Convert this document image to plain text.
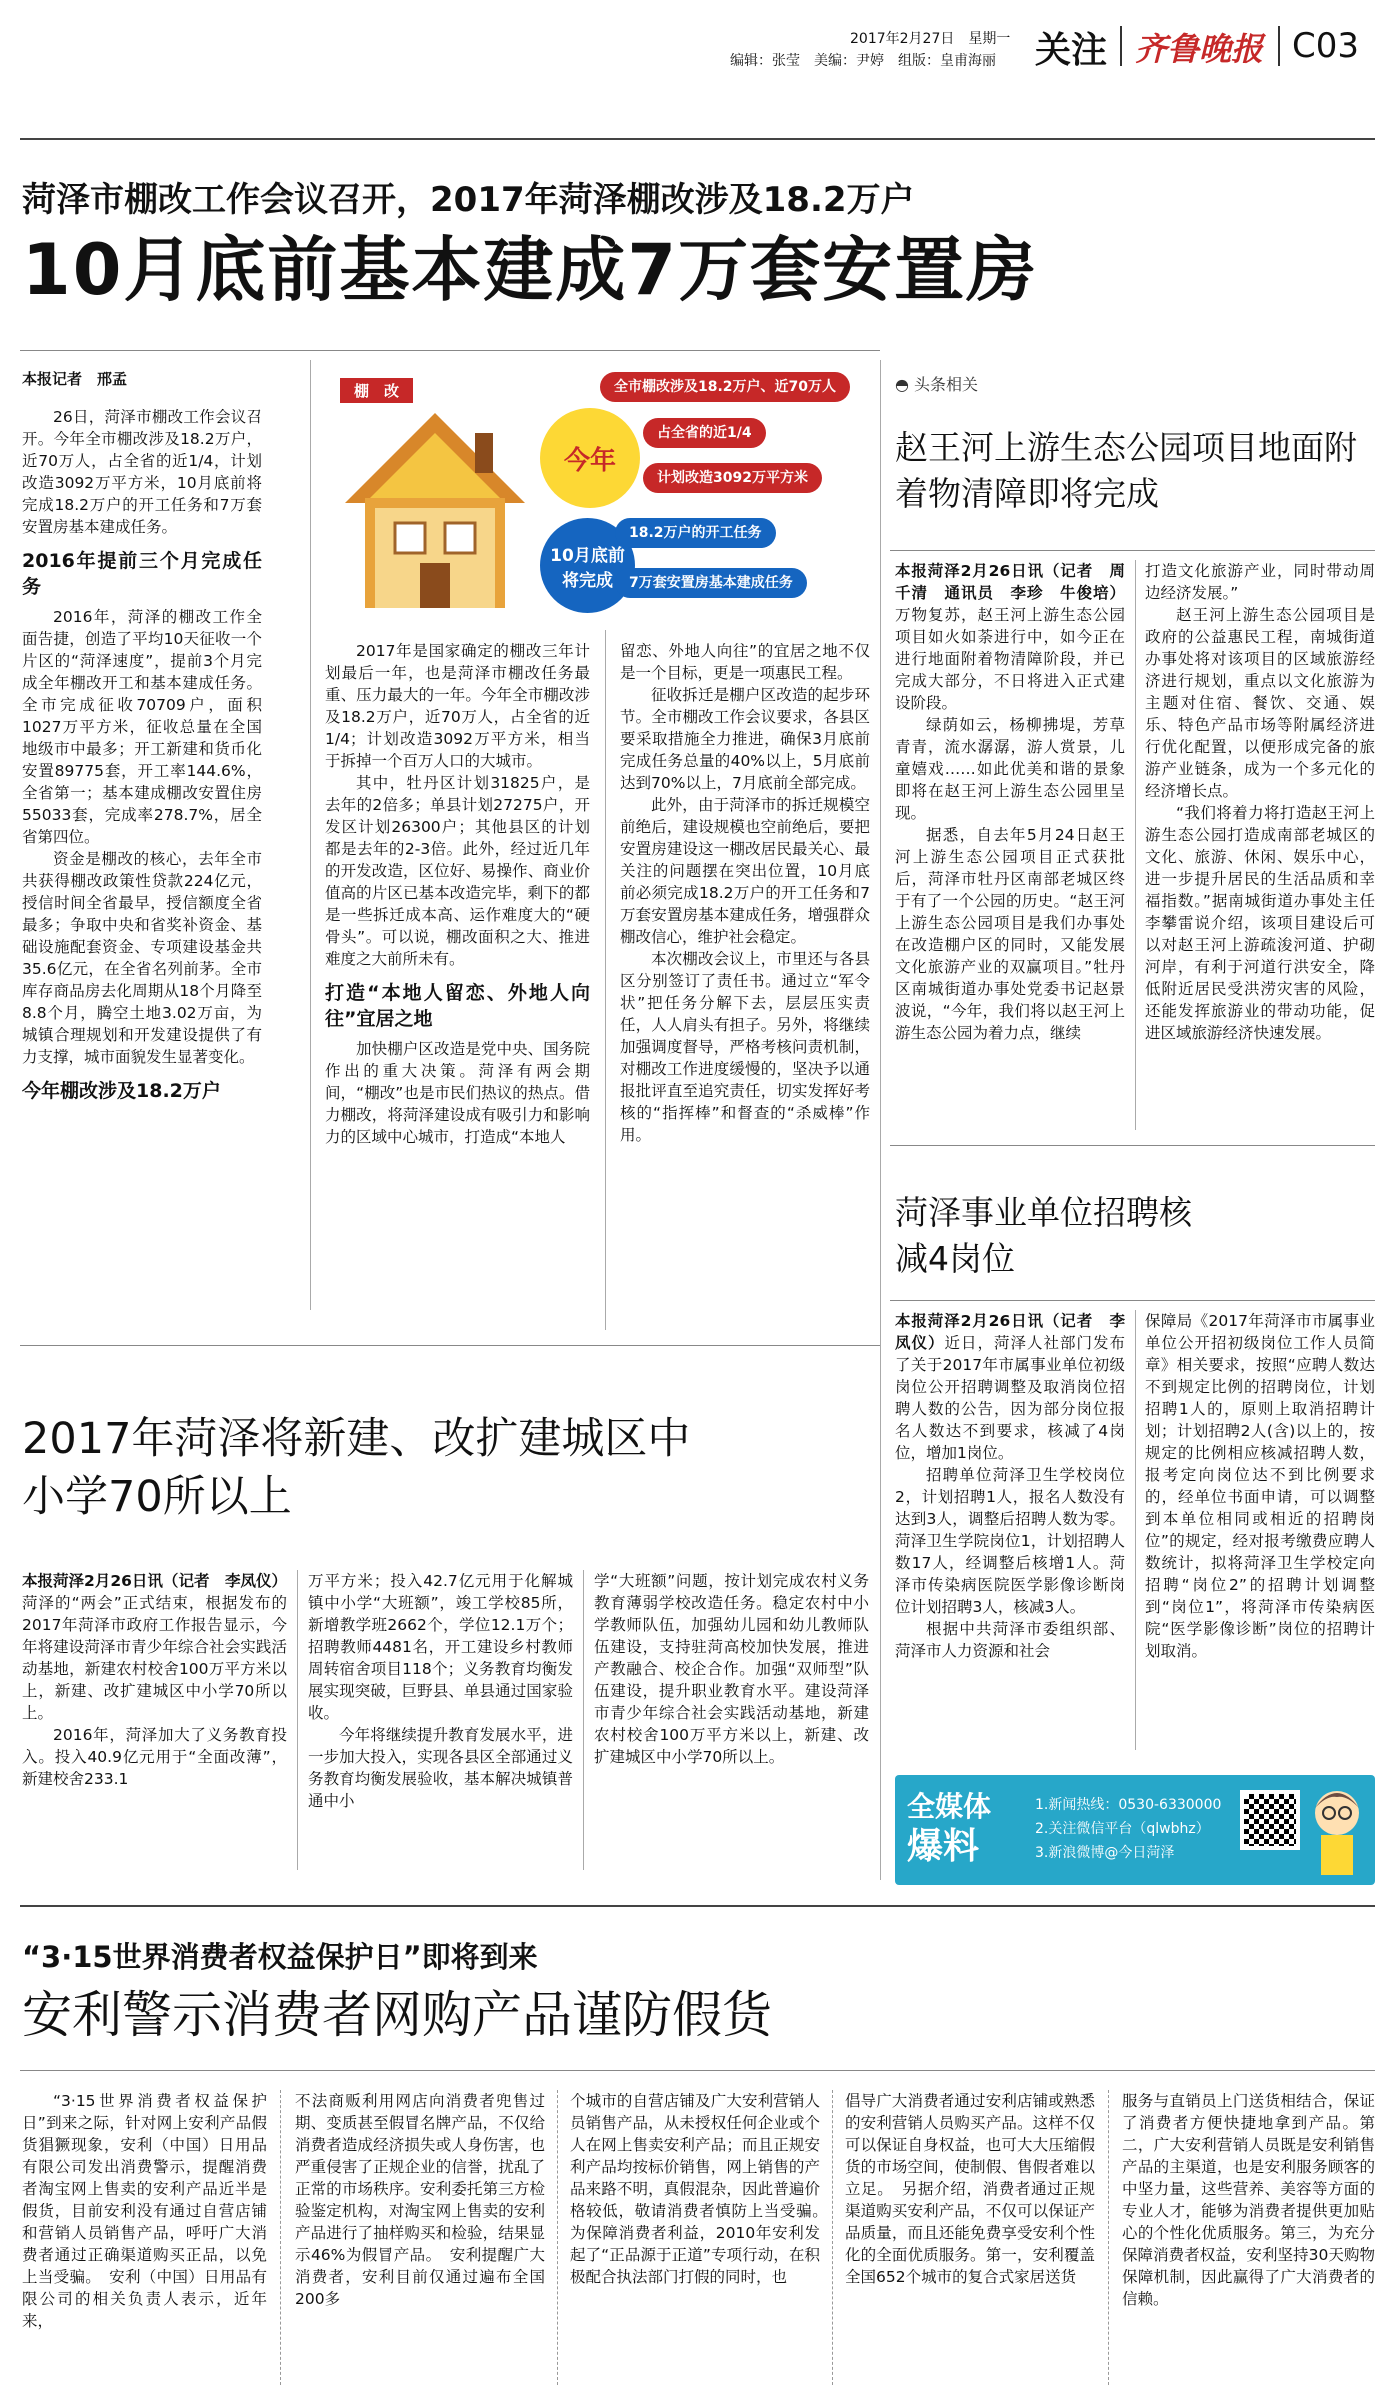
2017年2月27日　 星期一
编辑：张莹　美编：尹婷　组版：皇甫海丽 关注 齐鲁晚报 C03
菏泽市棚改工作会议召开，2017年菏泽棚改涉及18.2万户
10月底前基本建成7万套安置房
本报记者　邢孟

26日，菏泽市棚改工作会议召开。今年全市棚改涉及18.2万户，近70万人，占全省的近1/4，计划改造3092万平方米，10月底前将完成18.2万户的开工任务和7万套安置房基本建成任务。

2016年提前三个月完成任务

2016年，菏泽的棚改工作全面告捷，创造了平均10天征收一个片区的“菏泽速度”，提前3个月完成全年棚改开工和基本建成任务。全市完成征收70709户，面积1027万平方米，征收总量在全国地级市中最多；开工新建和货币化安置89775套，开工率144.6%，全省第一；基本建成棚改安置住房55033套，完成率278.7%，居全省第四位。

资金是棚改的核心，去年全市共获得棚改政策性贷款224亿元，授信时间全省最早，授信额度全省最多；争取中央和省奖补资金、基础设施配套资金、专项建设基金共35.6亿元，在全省名列前茅。全市库存商品房去化周期从18个月降至8.8个月，腾空土地3.02万亩，为城镇合理规划和开发建设提供了有力支撑，城市面貌发生显著变化。

今年棚改涉及18.2万户
棚　改
今年
全市棚改涉及18.2万户、近70万人
占全省的近1/4
计划改造3092万平方米
10月底前将完成
18.2万户的开工任务
7万套安置房基本建成任务

2017年是国家确定的棚改三年计划最后一年，也是菏泽市棚改任务最重、压力最大的一年。今年全市棚改涉及18.2万户，近70万人，占全省的近1/4；计划改造3092万平方米，相当于拆掉一个百万人口的大城市。

其中，牡丹区计划31825户，是去年的2倍多；单县计划27275户，开发区计划26300户；其他县区的计划都是去年的2-3倍。此外，经过近几年的开发改造，区位好、易操作、商业价值高的片区已基本改造完毕，剩下的都是一些拆迁成本高、运作难度大的“硬骨头”。可以说，棚改面积之大、推进难度之大前所未有。

打造“本地人留恋、外地人向往”宜居之地

加快棚户区改造是党中央、国务院作出的重大决策。菏泽有两会期间，“棚改”也是市民们热议的热点。借力棚改，将菏泽建设成有吸引力和影响力的区域中心城市，打造成“本地人

留恋、外地人向往”的宜居之地不仅是一个目标，更是一项惠民工程。

征收拆迁是棚户区改造的起步环节。全市棚改工作会议要求，各县区要采取措施全力推进，确保3月底前完成任务总量的40%以上，5月底前达到70%以上，7月底前全部完成。

此外，由于菏泽市的拆迁规模空前绝后，建设规模也空前绝后，要把安置房建设这一棚改居民最关心、最关注的问题摆在突出位置，10月底前必须完成18.2万户的开工任务和7万套安置房基本建成任务，增强群众棚改信心，维护社会稳定。

本次棚改会议上，市里还与各县区分别签订了责任书。通过立“军令状”把任务分解下去，层层压实责任，人人肩头有担子。另外，将继续加强调度督导，严格考核问责机制，对棚改工作进度缓慢的，坚决予以通报批评直至追究责任，切实发挥好考核的“指挥棒”和督查的“杀威棒”作用。

◓ 头条相关
赵王河上游生态公园项目地面附着物清障即将完成

本报菏泽2月26日讯（记者　周千清　通讯员　李珍　牛俊培）万物复苏，赵王河上游生态公园项目如火如荼进行中，如今正在进行地面附着物清障阶段，并已完成大部分，不日将进入正式建设阶段。

绿荫如云，杨柳拂堤，芳草青青，流水潺潺，游人赏景，儿童嬉戏……如此优美和谐的景象即将在赵王河上游生态公园里呈现。

据悉，自去年5月24日赵王河上游生态公园项目正式获批后，菏泽市牡丹区南部老城区终于有了一个公园的历史。“赵王河上游生态公园项目是我们办事处在改造棚户区的同时，又能发展文化旅游产业的双赢项目。”牡丹区南城街道办事处党委书记赵景波说，“今年，我们将以赵王河上游生态公园为着力点，继续

打造文化旅游产业，同时带动周边经济发展。”

赵王河上游生态公园项目是政府的公益惠民工程，南城街道办事处将对该项目的区域旅游经济进行规划，重点以文化旅游为主题对住宿、餐饮、交通、娱乐、特色产品市场等附属经济进行优化配置，以便形成完备的旅游产业链条，成为一个多元化的经济增长点。

“我们将着力将打造赵王河上游生态公园打造成南部老城区的文化、旅游、休闲、娱乐中心，进一步提升居民的生活品质和幸福指数。”据南城街道办事处主任李攀雷说介绍，该项目建设后可以对赵王河上游疏浚河道、护砌河岸，有利于河道行洪安全，降低附近居民受洪涝灾害的风险，还能发挥旅游业的带动功能，促进区域旅游经济快速发展。

菏泽事业单位招聘核减4岗位

本报菏泽2月26日讯（记者　李凤仪）近日，菏泽人社部门发布了关于2017年市属事业单位初级岗位公开招聘调整及取消岗位招聘人数的公告，因为部分岗位报名人数达不到要求，核减了4岗位，增加1岗位。

招聘单位菏泽卫生学校岗位2，计划招聘1人，报名人数没有达到3人，调整后招聘人数为零。菏泽卫生学院岗位1，计划招聘人数17人，经调整后核增1人。菏泽市传染病医院医学影像诊断岗位计划招聘3人，核减3人。

根据中共菏泽市委组织部、菏泽市人力资源和社会

保障局《2017年菏泽市市属事业单位公开招初级岗位工作人员简章》相关要求，按照“应聘人数达不到规定比例的招聘岗位，计划招聘1人的，原则上取消招聘计划；计划招聘2人(含)以上的，按规定的比例相应核减招聘人数，报考定向岗位达不到比例要求的，经单位书面申请，可以调整到本单位相同或相近的招聘岗位”的规定，经对报考缴费应聘人数统计，拟将菏泽卫生学校定向招聘“岗位2”的招聘计划调整到“岗位1”，将菏泽市传染病医院“医学影像诊断”岗位的招聘计划取消。

全媒体
爆料
1.新闻热线：0530-6330000
2.关注微信平台（qlwbhz）
3.新浪微博@今日菏泽
2017年菏泽将新建、改扩建城区中小学70所以上

本报菏泽2月26日讯（记者　李凤仪）菏泽的“两会”正式结束，根据发布的2017年菏泽市政府工作报告显示，今年将建设菏泽市青少年综合社会实践活动基地，新建农村校舍100万平方米以上，新建、改扩建城区中小学70所以上。

2016年，菏泽加大了义务教育投入。投入40.9亿元用于“全面改薄”，新建校舍233.1

万平方米；投入42.7亿元用于化解城镇中小学“大班额”，竣工学校85所，新增教学班2662个，学位12.1万个；招聘教师4481名，开工建设乡村教师周转宿舍项目118个；义务教育均衡发展实现突破，巨野县、单县通过国家验收。

今年将继续提升教育发展水平，进一步加大投入，实现各县区全部通过义务教育均衡发展验收，基本解决城镇普通中小

学“大班额”问题，按计划完成农村义务教育薄弱学校改造任务。稳定农村中小学教师队伍，加强幼儿园和幼儿教师队伍建设，支持驻菏高校加快发展，推进产教融合、校企合作。加强“双师型”队伍建设，提升职业教育水平。建设菏泽市青少年综合社会实践活动基地，新建农村校舍100万平方米以上，新建、改扩建城区中小学70所以上。

“3·15世界消费者权益保护日”即将到来
安利警示消费者网购产品谨防假货

“3·15世界消费者权益保护日”到来之际，针对网上安利产品假货猖獗现象，安利（中国）日用品有限公司发出消费警示，提醒消费者淘宝网上售卖的安利产品近半是假货，目前安利没有通过自营店铺和营销人员销售产品，呼吁广大消费者通过正确渠道购买正品，以免上当受骗。　安利（中国）日用品有限公司的相关负责人表示，近年来，

不法商贩利用网店向消费者兜售过期、变质甚至假冒名牌产品，不仅给消费者造成经济损失或人身伤害，也严重侵害了正规企业的信誉，扰乱了正常的市场秩序。安利委托第三方检验鉴定机构，对淘宝网上售卖的安利产品进行了抽样购买和检验，结果显示46%为假冒产品。　安利提醒广大消费者，安利目前仅通过遍布全国200多

个城市的自营店铺及广大安利营销人员销售产品，从未授权任何企业或个人在网上售卖安利产品；而且正规安利产品均按标价销售，网上销售的产品来路不明，真假混杂，因此普遍价格较低，敬请消费者慎防上当受骗。　为保障消费者利益，2010年安利发起了“正品源于正道”专项行动，在积极配合执法部门打假的同时，也

倡导广大消费者通过安利店铺或熟悉的安利营销人员购买产品。这样不仅可以保证自身权益，也可大大压缩假货的市场空间，使制假、售假者难以立足。　另据介绍，消费者通过正规渠道购买安利产品，不仅可以保证产品质量，而且还能免费享受安利个性化的全面优质服务。第一，安利覆盖全国652个城市的复合式家居送货

服务与直销员上门送货相结合，保证了消费者方便快捷地拿到产品。第二，广大安利营销人员既是安利销售产品的主渠道，也是安利服务顾客的中坚力量，这些营养、美容等方面的专业人才，能够为消费者提供更加贴心的个性化优质服务。第三，为充分保障消费者权益，安利坚持30天购物保障机制，因此赢得了广大消费者的信赖。
